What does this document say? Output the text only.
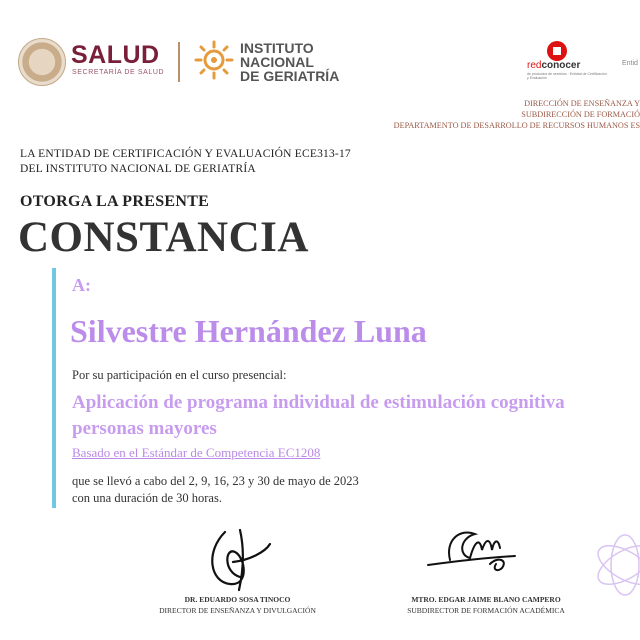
SALUD
SECRETARÍA DE SALUD
INSTITUTO
NACIONAL
DE GERIATRÍA
redconocer
de productos de servicios · Entidad de Certificación y Evaluación
Entid
DIRECCIÓN DE ENSEÑANZA Y
SUBDIRECCIÓN DE FORMACIÓ
DEPARTAMENTO DE DESARROLLO DE RECURSOS HUMANOS ES
LA ENTIDAD DE CERTIFICACIÓN Y EVALUACIÓN ECE313-17
DEL INSTITUTO NACIONAL DE GERIATRÍA
OTORGA LA PRESENTE
CONSTANCIA
A:
Silvestre Hernández Luna
Por su participación en el curso presencial:
Aplicación de programa individual de estimulación cognitiva
personas mayores
Basado en el Estándar de Competencia EC1208
que se llevó a cabo del 2, 9, 16, 23 y 30 de mayo de 2023
con una duración de 30 horas.
DR. EDUARDO SOSA TINOCO
DIRECTOR DE ENSEÑANZA Y DIVULGACIÓN
MTRO. EDGAR JAIME BLANO CAMPERO
SUBDIRECTOR DE FORMACIÓN ACADÉMICA
